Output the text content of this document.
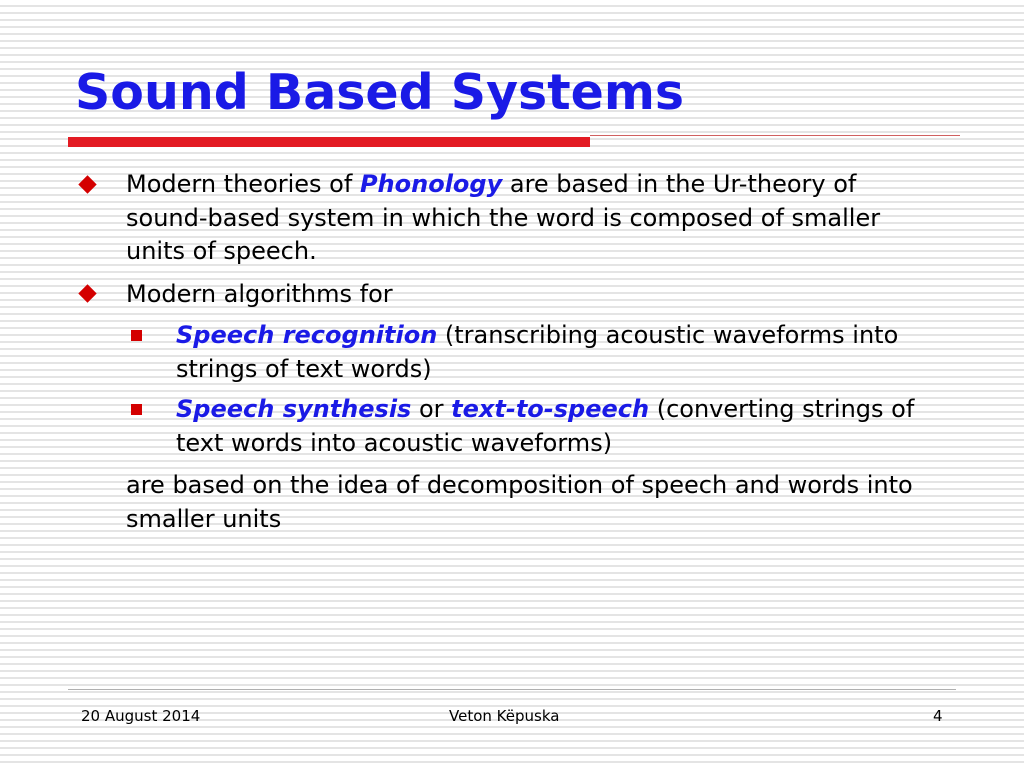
Sound Based Systems

Modern theories of Phonology are based in the Ur-theory of sound-based system in which the word is composed of smaller units of speech.

Modern algorithms for

Speech recognition (transcribing acoustic waveforms into strings of text words)

Speech synthesis or text-to-speech (converting strings of text words into acoustic waveforms)

are based on the idea of decomposition of speech and words into smaller units

20 August 2014	Veton Këpuska	4
